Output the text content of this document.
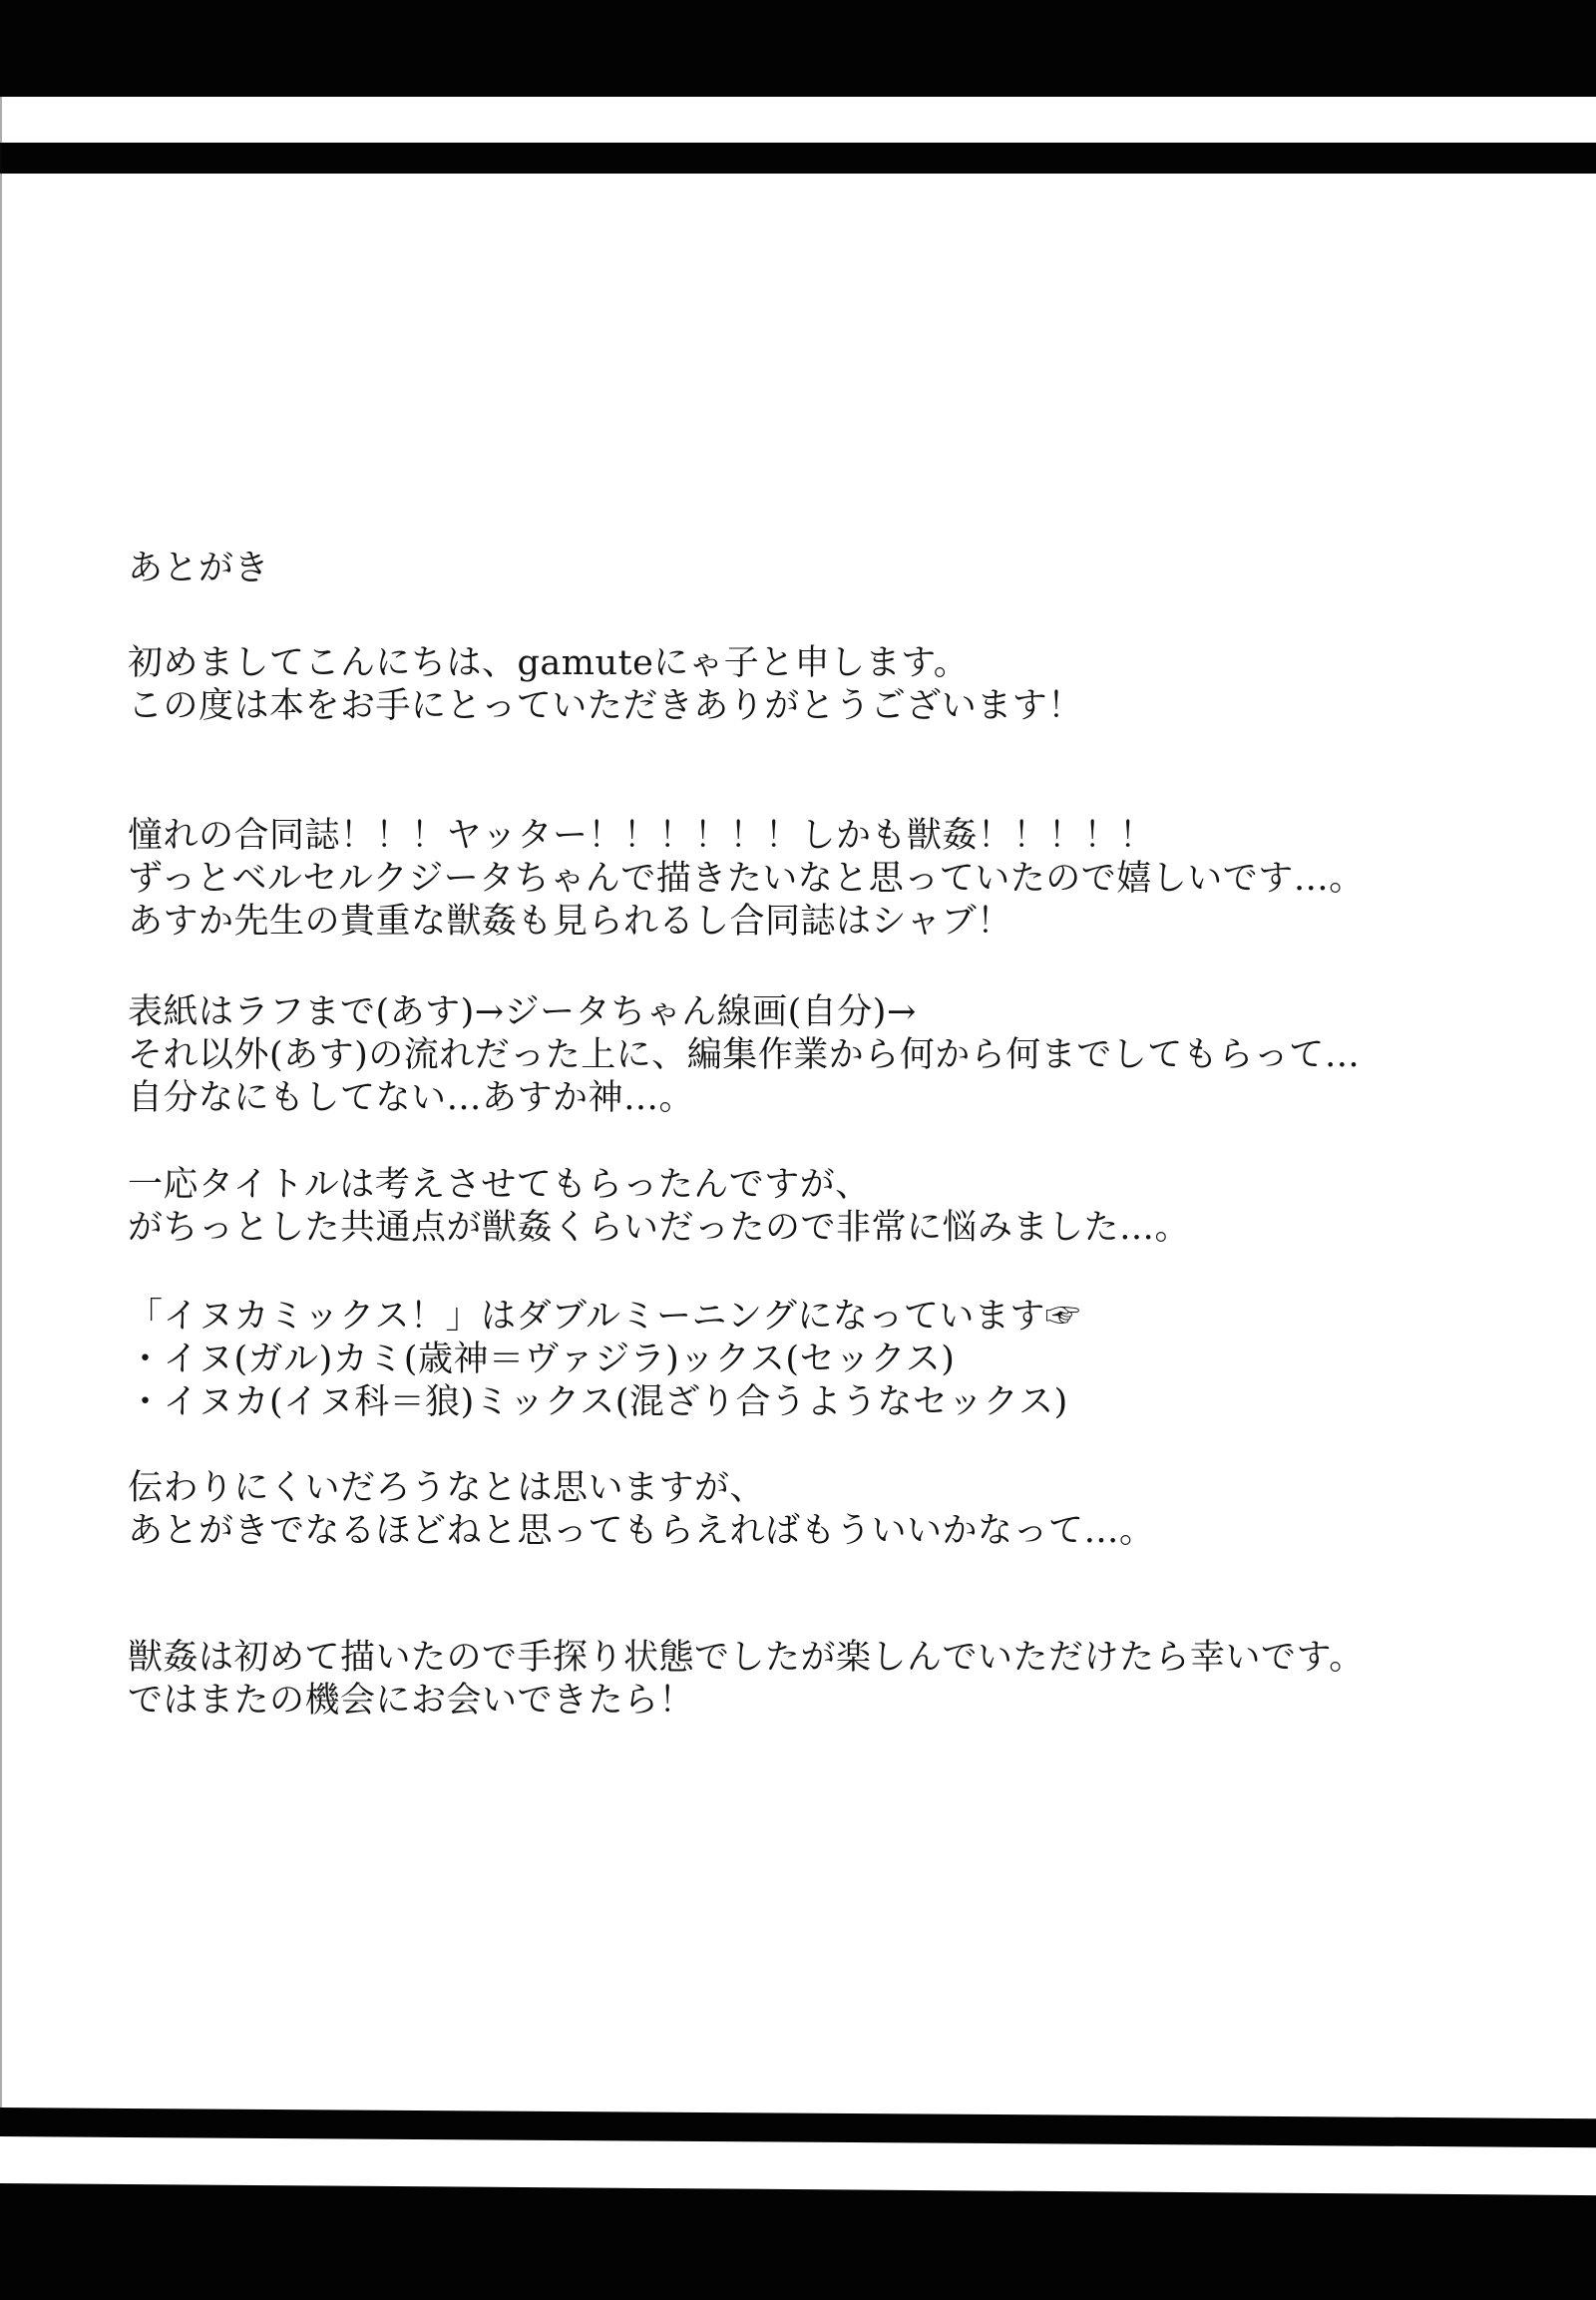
あとがき
初めましてこんにちは、gamuteにゃ子と申します。
この度は本をお手にとっていただきありがとうございます！
憧れの合同誌！！！ヤッター！！！！！！しかも獣姦！！！！！
ずっとベルセルクジータちゃんで描きたいなと思っていたので嬉しいです…。
あすか先生の貴重な獣姦も見られるし合同誌はシャブ！
表紙はラフまで(あす)→ジータちゃん線画(自分)→
それ以外(あす)の流れだった上に、編集作業から何から何までしてもらって…
自分なにもしてない…あすか神…。
一応タイトルは考えさせてもらったんですが、
がちっとした共通点が獣姦くらいだったので非常に悩みました…。
「イヌカミックス！」はダブルミーニングになっています☞
・イヌ(ガル)カミ(歳神＝ヴァジラ)ックス(セックス)
・イヌカ(イヌ科＝狼)ミックス(混ざり合うようなセックス)
伝わりにくいだろうなとは思いますが、
あとがきでなるほどねと思ってもらえればもういいかなって…。
獣姦は初めて描いたので手探り状態でしたが楽しんでいただけたら幸いです。
ではまたの機会にお会いできたら！
